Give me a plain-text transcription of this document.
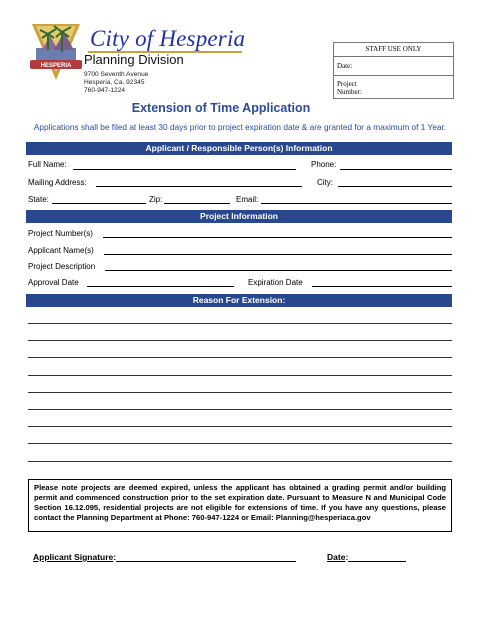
HESPERIA
City of Hesperia
Planning Division
9700 Seventh Avenue
Hesperia, Ca. 92345
760-947-1224
STAFF USE ONLY
Date:
Project
Number:
Extension of Time Application
Applications shall be filed at least 30 days prior to project expiration date & are granted for a maximum of 1 Year.
Applicant / Responsible Person(s) Information
Full Name:	Phone:
Mailing Address:	City:
State:	Zip:	Email:
Project Information
Project Number(s)
Applicant Name(s)
Project Description
Approval Date	Expiration Date
Reason For Extension:
Please note projects are deemed expired, unless the applicant has obtained a grading permit and/or building permit and commenced construction prior to the set expiration date. Pursuant to Measure N and Municipal Code Section 16.12.095, residential projects are not eligible for extensions of time. If you have any questions, please contact the Planning Department at Phone: 760-947-1224 or Email: Planning@hesperiaca.gov
Applicant Signature:	Date:
